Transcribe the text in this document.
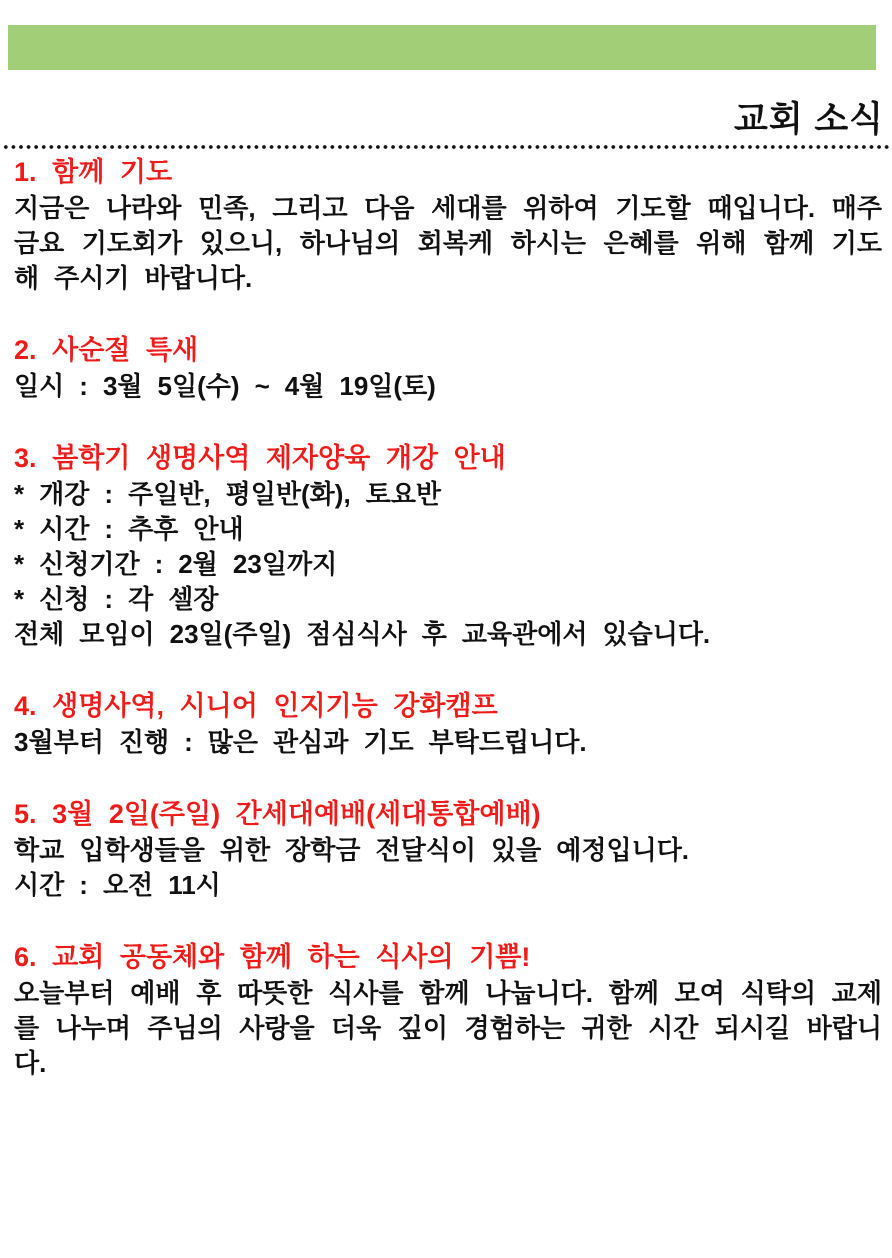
교회 소식
1. 함께 기도

지금은 나라와 민족, 그리고 다음 세대를 위하여 기도할 때입니다. 매주 금요 기도회가 있으니, 하나님의 회복케 하시는 은혜를 위해 함께 기도해 주시기 바랍니다.

2. 사순절 특새

일시 : 3월 5일(수) ~ 4월 19일(토)

3. 봄학기 생명사역 제자양육 개강 안내

* 개강 : 주일반, 평일반(화), 토요반

* 시간 : 추후 안내

* 신청기간 : 2월 23일까지

* 신청 : 각 셀장

전체 모임이 23일(주일) 점심식사 후 교육관에서 있습니다.

4. 생명사역, 시니어 인지기능 강화캠프

3월부터 진행 : 많은 관심과 기도 부탁드립니다.

5. 3월 2일(주일) 간세대예배(세대통합예배)

학교 입학생들을 위한 장학금 전달식이 있을 예정입니다.

시간 : 오전 11시

6. 교회 공동체와 함께 하는 식사의 기쁨!

오늘부터 예배 후 따뜻한 식사를 함께 나눕니다. 함께 모여 식탁의 교제를 나누며 주님의 사랑을 더욱 깊이 경험하는 귀한 시간 되시길 바랍니다.
